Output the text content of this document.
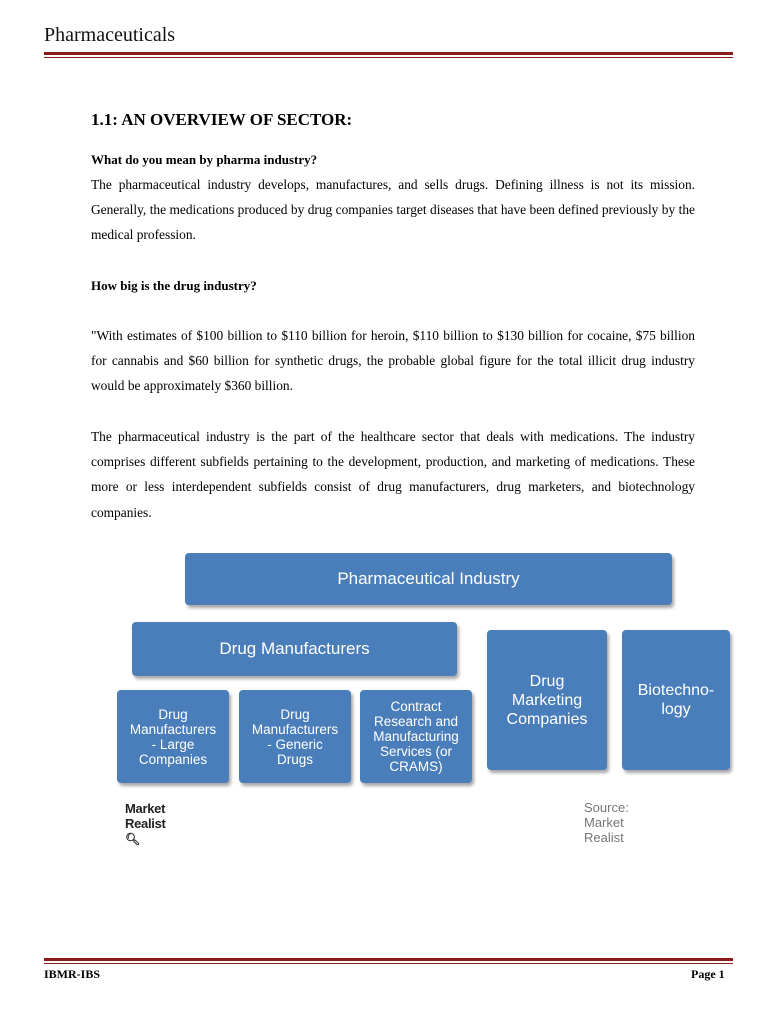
Pharmaceuticals
1.1: AN OVERVIEW OF SECTOR:
What do you mean by pharma industry?
The pharmaceutical industry develops, manufactures, and sells drugs. Defining illness is not its mission. Generally, the medications produced by drug companies target diseases that have been defined previously by the medical profession.
How big is the drug industry?
"With estimates of $100 billion to $110 billion for heroin, $110 billion to $130 billion for cocaine, $75 billion for cannabis and $60 billion for synthetic drugs, the probable global figure for the total illicit drug industry would be approximately $360 billion.
The pharmaceutical industry is the part of the healthcare sector that deals with medications. The industry comprises different subfields pertaining to the development, production, and marketing of medications. These more or less interdependent subfields consist of drug manufacturers, drug marketers, and biotechnology companies.
Pharmaceutical Industry
Drug Manufacturers
Drug
Manufacturers
- Large
Companies
Drug
Manufacturers
- Generic
Drugs
Contract
Research and
Manufacturing
Services (or
CRAMS)
Drug
Marketing
Companies
Biotechno-
logy
Market Realist🔍︎
Source: Market Realist
IBMR-IBS	Page 1
